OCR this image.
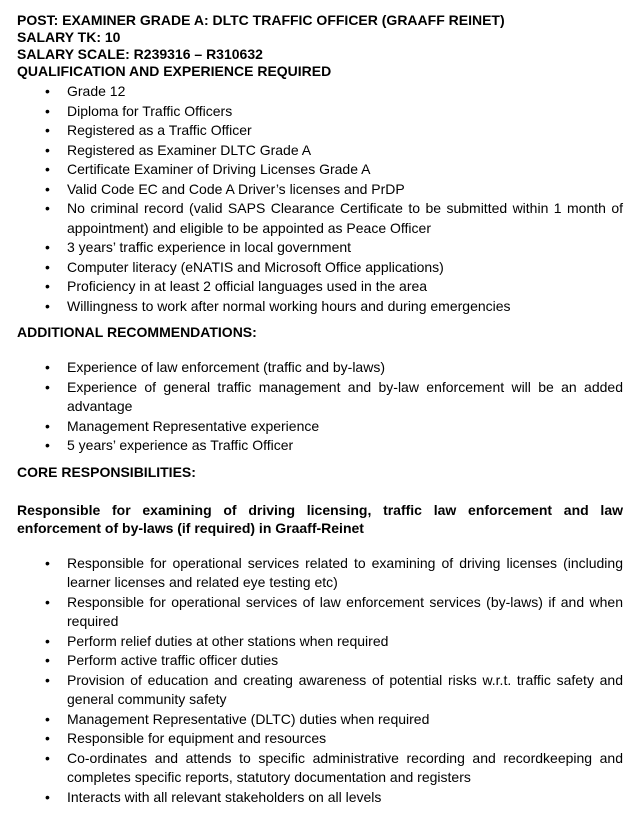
POST: EXAMINER GRADE A: DLTC TRAFFIC OFFICER (GRAAFF REINET)
SALARY TK: 10
SALARY SCALE: R239316 – R310632
QUALIFICATION AND EXPERIENCE REQUIRED
• Grade 12
• Diploma for Traffic Officers
• Registered as a Traffic Officer
• Registered as Examiner DLTC Grade A
• Certificate Examiner of Driving Licenses Grade A
• Valid Code EC and Code A Driver’s licenses and PrDP
• No criminal record (valid SAPS Clearance Certificate to be submitted within 1 month of appointment) and eligible to be appointed as Peace Officer
• 3 years’ traffic experience in local government
• Computer literacy (eNATIS and Microsoft Office applications)
• Proficiency in at least 2 official languages used in the area
• Willingness to work after normal working hours and during emergencies
ADDITIONAL RECOMMENDATIONS:
• Experience of law enforcement (traffic and by-laws)
• Experience of general traffic management and by-law enforcement will be an added advantage
• Management Representative experience
• 5 years’ experience as Traffic Officer
CORE RESPONSIBILITIES:

Responsible for examining of driving licensing, traffic law enforcement and law enforcement of by-laws (if required) in Graaff-Reinet

• Responsible for operational services related to examining of driving licenses (including learner licenses and related eye testing etc)
• Responsible for operational services of law enforcement services (by-laws) if and when required
• Perform relief duties at other stations when required
• Perform active traffic officer duties
• Provision of education and creating awareness of potential risks w.r.t. traffic safety and general community safety
• Management Representative (DLTC) duties when required
• Responsible for equipment and resources
• Co-ordinates and attends to specific administrative recording and recordkeeping and completes specific reports, statutory documentation and registers
• Interacts with all relevant stakeholders on all levels
